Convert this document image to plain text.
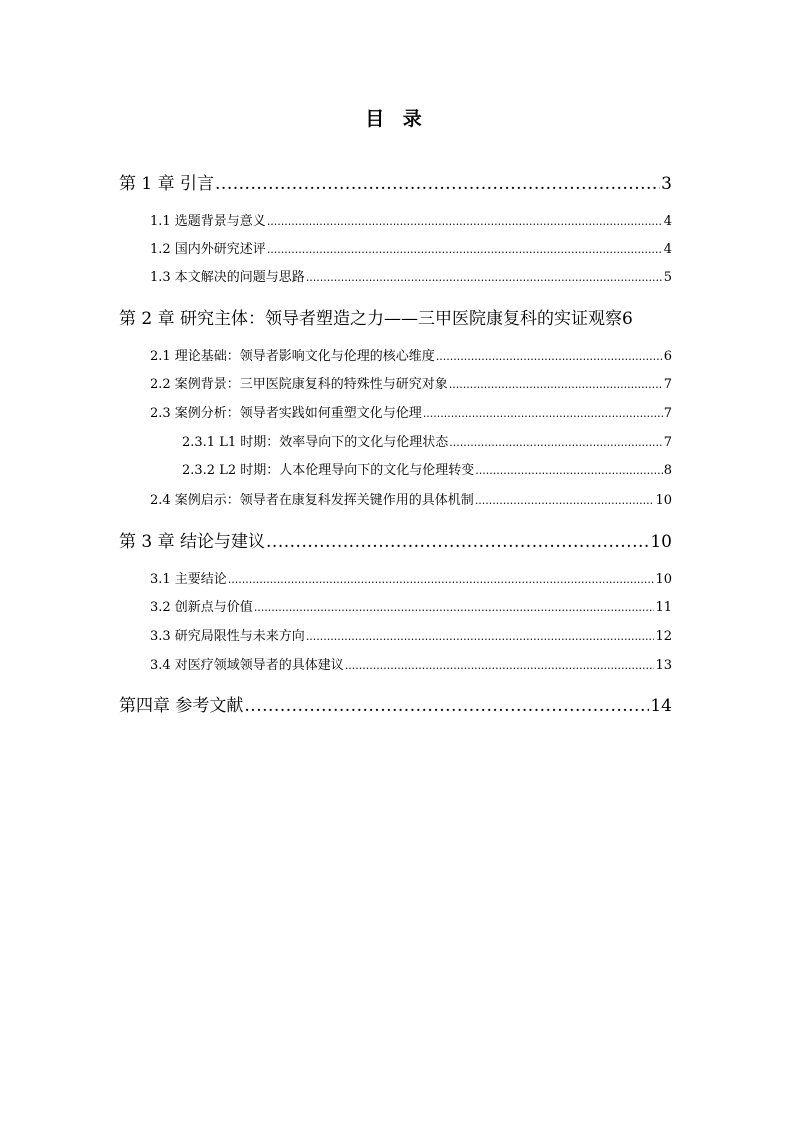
目 录
第 1 章 引言 .....	3
1.1 选题背景与意义 .....	4
1.2 国内外研究述评 .....	4
1.3 本文解决的问题与思路 .....	5
第 2 章 研究主体：领导者塑造之力——三甲医院康复科的实证观察 6
2.1 理论基础：领导者影响文化与伦理的核心维度 .....	6
2.2 案例背景：三甲医院康复科的特殊性与研究对象 .....	7
2.3 案例分析：领导者实践如何重塑文化与伦理 .....	7
2.3.1 L1 时期：效率导向下的文化与伦理状态 .....	7
2.3.2 L2 时期：人本伦理导向下的文化与伦理转变 .....	8
2.4 案例启示：领导者在康复科发挥关键作用的具体机制 .....	10
第 3 章 结论与建议 .....	10
3.1 主要结论 .....	10
3.2 创新点与价值 .....	11
3.3 研究局限性与未来方向 .....	12
3.4 对医疗领域领导者的具体建议 .....	13
第四章 参考文献 .....	14
